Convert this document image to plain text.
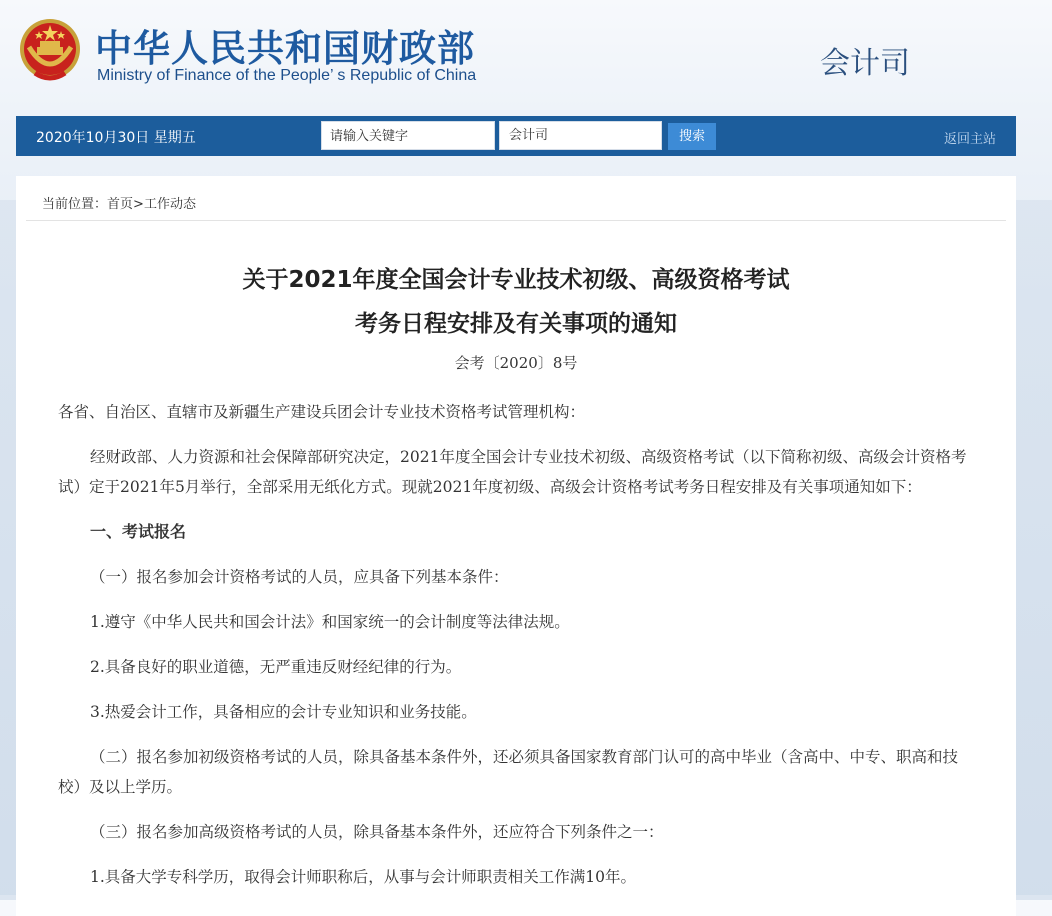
中华人民共和国财政部
Ministry of Finance of the People’ s Republic of China	会计司
2020年10月30日 星期五
请输入关键字	会计司	搜索	返回主站
当前位置：首页>工作动态
关于2021年度全国会计专业技术初级、高级资格考试
考务日程安排及有关事项的通知
会考〔2020〕8号

各省、自治区、直辖市及新疆生产建设兵团会计专业技术资格考试管理机构：

经财政部、人力资源和社会保障部研究决定，2021年度全国会计专业技术初级、高级资格考试（以下简称初级、高级会计资格考试）定于2021年5月举行，全部采用无纸化方式。现就2021年度初级、高级会计资格考试考务日程安排及有关事项通知如下：

一、考试报名

（一）报名参加会计资格考试的人员，应具备下列基本条件：

1.遵守《中华人民共和国会计法》和国家统一的会计制度等法律法规。

2.具备良好的职业道德，无严重违反财经纪律的行为。

3.热爱会计工作，具备相应的会计专业知识和业务技能。

（二）报名参加初级资格考试的人员，除具备基本条件外，还必须具备国家教育部门认可的高中毕业（含高中、中专、职高和技校）及以上学历。

（三）报名参加高级资格考试的人员，除具备基本条件外，还应符合下列条件之一：

1.具备大学专科学历，取得会计师职称后，从事与会计师职责相关工作满10年。
